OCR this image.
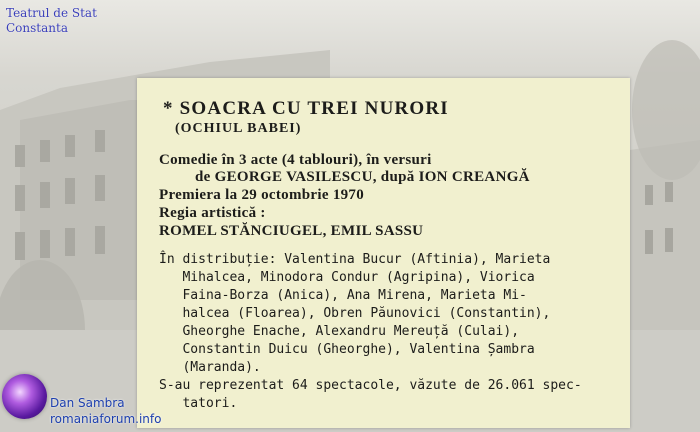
Teatrul de Stat
Constanta
* SOACRA CU TREI NURORI
(OCHIUL BABEI)
Comedie în 3 acte (4 tablouri), în versuri
de GEORGE VASILESCU, după ION CREANGĂ
Premiera la 29 octombrie 1970
Regia artistică :
ROMEL STĂNCIUGEL, EMIL SASSU
În distribuție: Valentina Bucur (Aftinia), Marieta
Mihalcea, Minodora Condur (Agripina), Viorica
Faina-Borza (Anica), Ana Mirena, Marieta Mi-
halcea (Floarea), Obren Păunovici (Constantin),
Gheorghe Enache, Alexandru Mereuță (Culai),
Constantin Duicu (Gheorghe), Valentina Șambra
(Maranda).
S-au reprezentat 64 spectacole, văzute de 26.061 spec-
tatori.
Dan Sambra
romaniaforum.info
